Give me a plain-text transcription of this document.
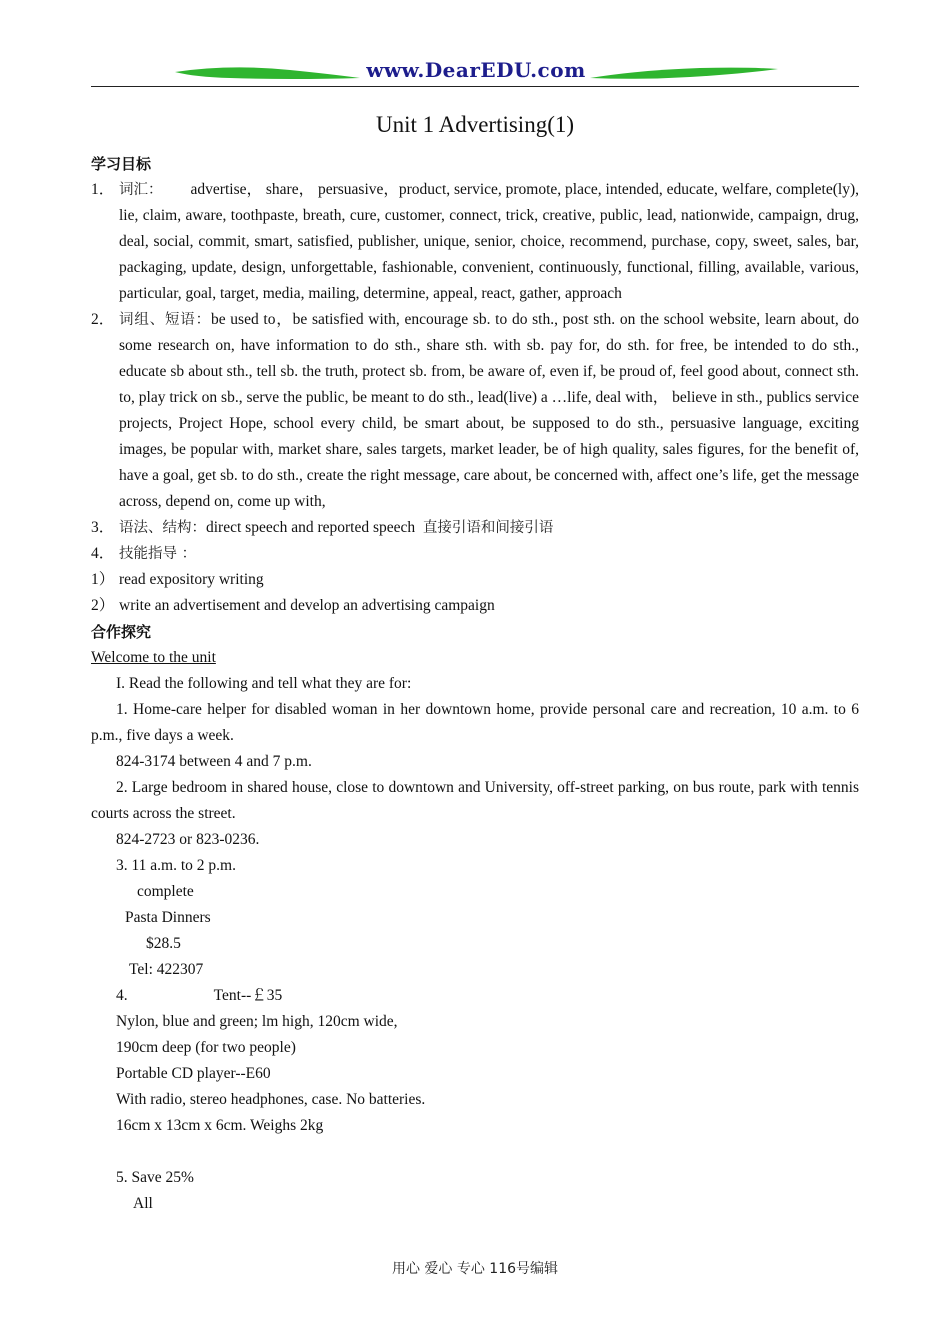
www.DearEDU.com
Unit 1 Advertising(1)

学习目标

1． 词汇： advertise， share， persuasive，product, service, promote, place, intended, educate, welfare, complete(ly), lie, claim, aware, toothpaste, breath, cure, customer, connect, trick, creative, public, lead, nationwide, campaign, drug, deal, social, commit, smart, satisfied, publisher, unique, senior, choice, recommend, purchase, copy, sweet, sales, bar, packaging, update, design, unforgettable, fashionable, convenient, continuously, functional, filling, available, various, particular, goal, target, media, mailing, determine, appeal, react, gather, approach
2． 词组、短语：be used to，be satisfied with, encourage sb. to do sth., post sth. on the school website, learn about, do some research on, have information to do sth., share sth. with sb. pay for, do sth. for free, be intended to do sth., educate sb about sth., tell sb. the truth, protect sb. from, be aware of, even if, be proud of, feel good about, connect sth. to, play trick on sb., serve the public, be meant to do sth., lead(live) a …life, deal with， believe in sth., publics service projects, Project Hope, school every child, be smart about, be supposed to do sth., persuasive language, exciting images, be popular with, market share, sales targets, market leader, be of high quality, sales figures, for the benefit of, have a goal, get sb. to do sth., create the right message, care about, be concerned with, affect one’s life, get the message across, depend on, come up with,
3． 语法、结构：direct speech and reported speech 直接引语和间接引语
4． 技能指导 ：
1） read expository writing
2） write an advertisement and develop an advertising campaign

合作探究

Welcome to the unit

I. Read the following and tell what they are for:

1. Home-care helper for disabled woman in her downtown home, provide personal care and recreation, 10 a.m. to 6 p.m., five days a week.

824-3174 between 4 and 7 p.m.

2. Large bedroom in shared house, close to downtown and University, off-street parking, on bus route, park with tennis courts across the street.

824-2723 or 823-0236.

3. 11 a.m. to 2 p.m.

complete

Pasta Dinners

$28.5

Tel: 422307

4.	Tent--￡35

Nylon, blue and green; lm high, 120cm wide,

190cm deep (for two people)

Portable CD player--E60

With radio, stereo headphones, case. No batteries.

16cm x 13cm x 6cm. Weighs 2kg

5. Save 25%

All

用心 爱心 专心 116号编辑
